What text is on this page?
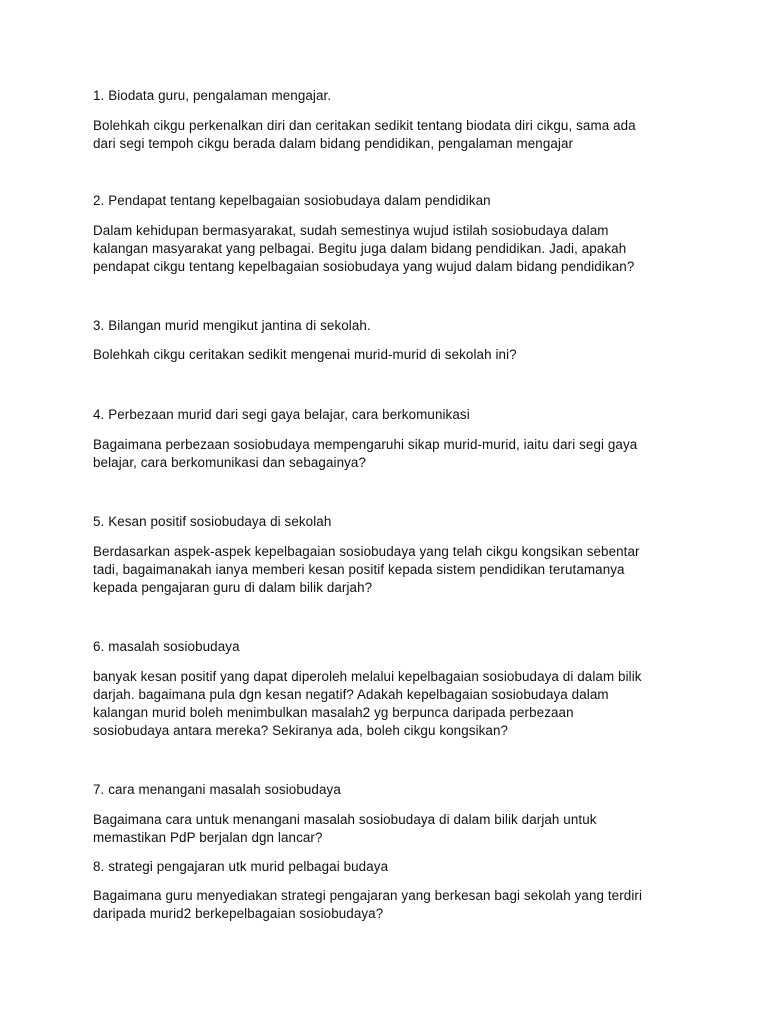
1. Biodata guru, pengalaman mengajar.

Bolehkah cikgu perkenalkan diri dan ceritakan sedikit tentang biodata diri cikgu, sama ada

dari segi tempoh cikgu berada dalam bidang pendidikan, pengalaman mengajar

2. Pendapat tentang kepelbagaian sosiobudaya dalam pendidikan

Dalam kehidupan bermasyarakat, sudah semestinya wujud istilah sosiobudaya dalam

kalangan masyarakat yang pelbagai. Begitu juga dalam bidang pendidikan. Jadi, apakah

pendapat cikgu tentang kepelbagaian sosiobudaya yang wujud dalam bidang pendidikan?

3. Bilangan murid mengikut jantina di sekolah.

Bolehkah cikgu ceritakan sedikit mengenai murid-murid di sekolah ini?

4. Perbezaan murid dari segi gaya belajar, cara berkomunikasi

Bagaimana perbezaan sosiobudaya mempengaruhi sikap murid-murid, iaitu dari segi gaya

belajar, cara berkomunikasi dan sebagainya?

5. Kesan positif sosiobudaya di sekolah

Berdasarkan aspek-aspek kepelbagaian sosiobudaya yang telah cikgu kongsikan sebentar

tadi, bagaimanakah ianya memberi kesan positif kepada sistem pendidikan terutamanya

kepada pengajaran guru di dalam bilik darjah?

6. masalah sosiobudaya

banyak kesan positif yang dapat diperoleh melalui kepelbagaian sosiobudaya di dalam bilik

darjah. bagaimana pula dgn kesan negatif? Adakah kepelbagaian sosiobudaya dalam

kalangan murid boleh menimbulkan masalah2 yg berpunca daripada perbezaan

sosiobudaya antara mereka? Sekiranya ada, boleh cikgu kongsikan?

7. cara menangani masalah sosiobudaya

Bagaimana cara untuk menangani masalah sosiobudaya di dalam bilik darjah untuk

memastikan PdP berjalan dgn lancar?

8. strategi pengajaran utk murid pelbagai budaya

Bagaimana guru menyediakan strategi pengajaran yang berkesan bagi sekolah yang terdiri

daripada murid2 berkepelbagaian sosiobudaya?
